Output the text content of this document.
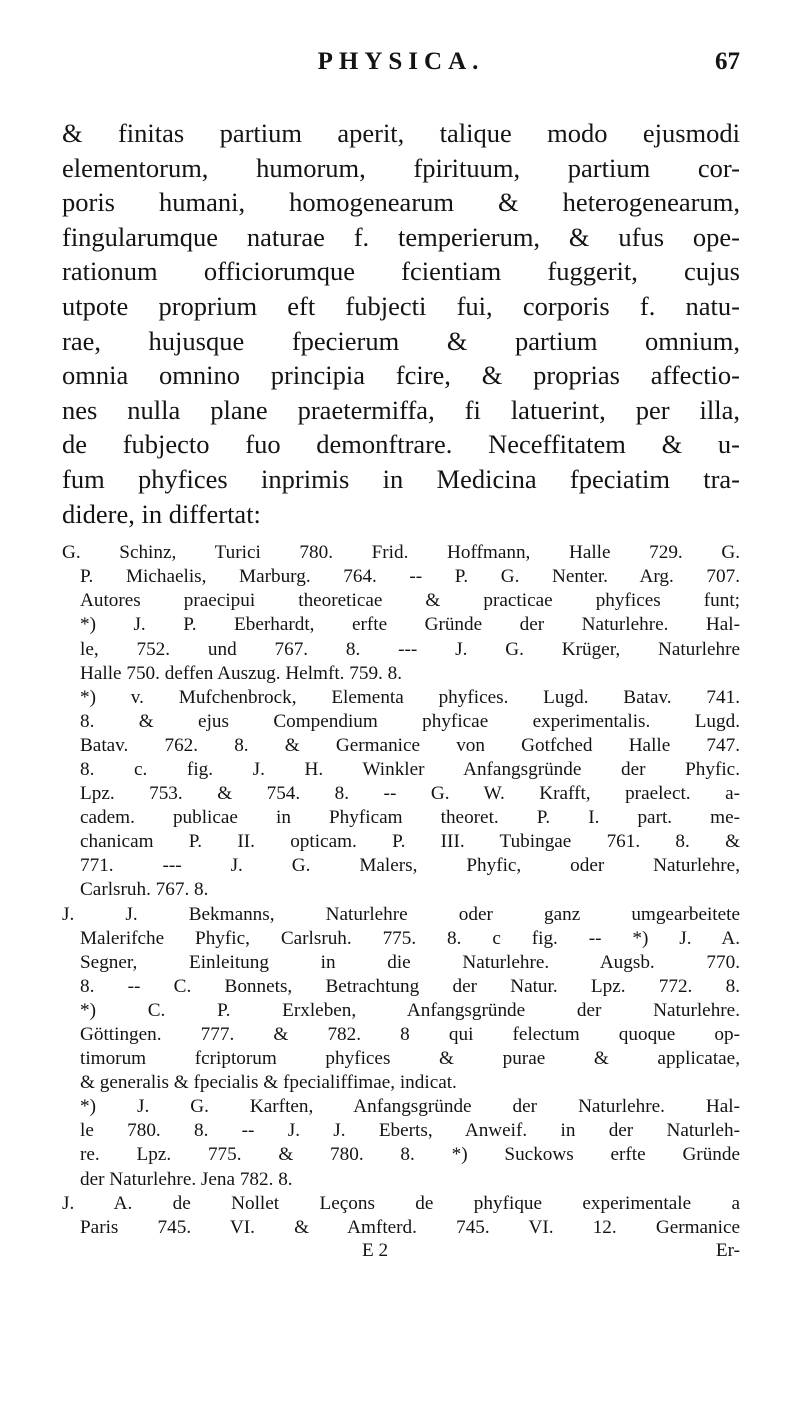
PHYSICA.	67
& finitas partium aperit, talique modo ejusmodi
elementorum, humorum, fpirituum, partium cor-
poris humani, homogenearum & heterogenearum,
fingularumque naturae f. temperierum, & ufus ope-
rationum officiorumque fcientiam fuggerit, cujus
utpote proprium eft fubjecti fui, corporis f. natu-
rae, hujusque fpecierum & partium omnium,
omnia omnino principia fcire, & proprias affectio-
nes nulla plane praetermiffa, fi latuerint, per illa,
de fubjecto fuo demonftrare. Neceffitatem & u-
fum phyfices inprimis in Medicina fpeciatim tra-
didere, in differtat:
G. Schinz, Turici 780. Frid. Hoffmann, Halle 729. G.
P. Michaelis, Marburg. 764. -- P. G. Nenter. Arg. 707.
Autores praecipui theoreticae & practicae phyfices funt;
*) J. P. Eberhardt, erfte Gründe der Naturlehre. Hal-
le, 752. und 767. 8. --- J. G. Krüger, Naturlehre
Halle 750. deffen Auszug. Helmft. 759. 8.
*) v. Mufchenbrock, Elementa phyfices. Lugd. Batav. 741.
8. & ejus Compendium phyficae experimentalis. Lugd.
Batav. 762. 8. & Germanice von Gotfched Halle 747.
8. c. fig. J. H. Winkler Anfangsgründe der Phyfic.
Lpz. 753. & 754. 8. -- G. W. Krafft, praelect. a-
cadem. publicae in Phyficam theoret. P. I. part. me-
chanicam P. II. opticam. P. III. Tubingae 761. 8. &
771. --- J. G. Malers, Phyfic, oder Naturlehre,
Carlsruh. 767. 8.
J. J. Bekmanns, Naturlehre oder ganz umgearbeitete
Malerifche Phyfic, Carlsruh. 775. 8. c fig. -- *) J. A.
Segner, Einleitung in die Naturlehre. Augsb. 770.
8. -- C. Bonnets, Betrachtung der Natur. Lpz. 772. 8.
*) C. P. Erxleben, Anfangsgründe der Naturlehre.
Göttingen. 777. & 782. 8 qui felectum quoque op-
timorum fcriptorum phyfices & purae & applicatae,
& generalis & fpecialis & fpecialiffimae, indicat.
*) J. G. Karften, Anfangsgründe der Naturlehre. Hal-
le 780. 8. -- J. J. Eberts, Anweif. in der Naturleh-
re. Lpz. 775. & 780. 8. *) Suckows erfte Gründe
der Naturlehre. Jena 782. 8.
J. A. de Nollet Leçons de phyfique experimentale a
Paris 745. VI. & Amfterd. 745. VI. 12. Germanice
E 2	Er-
